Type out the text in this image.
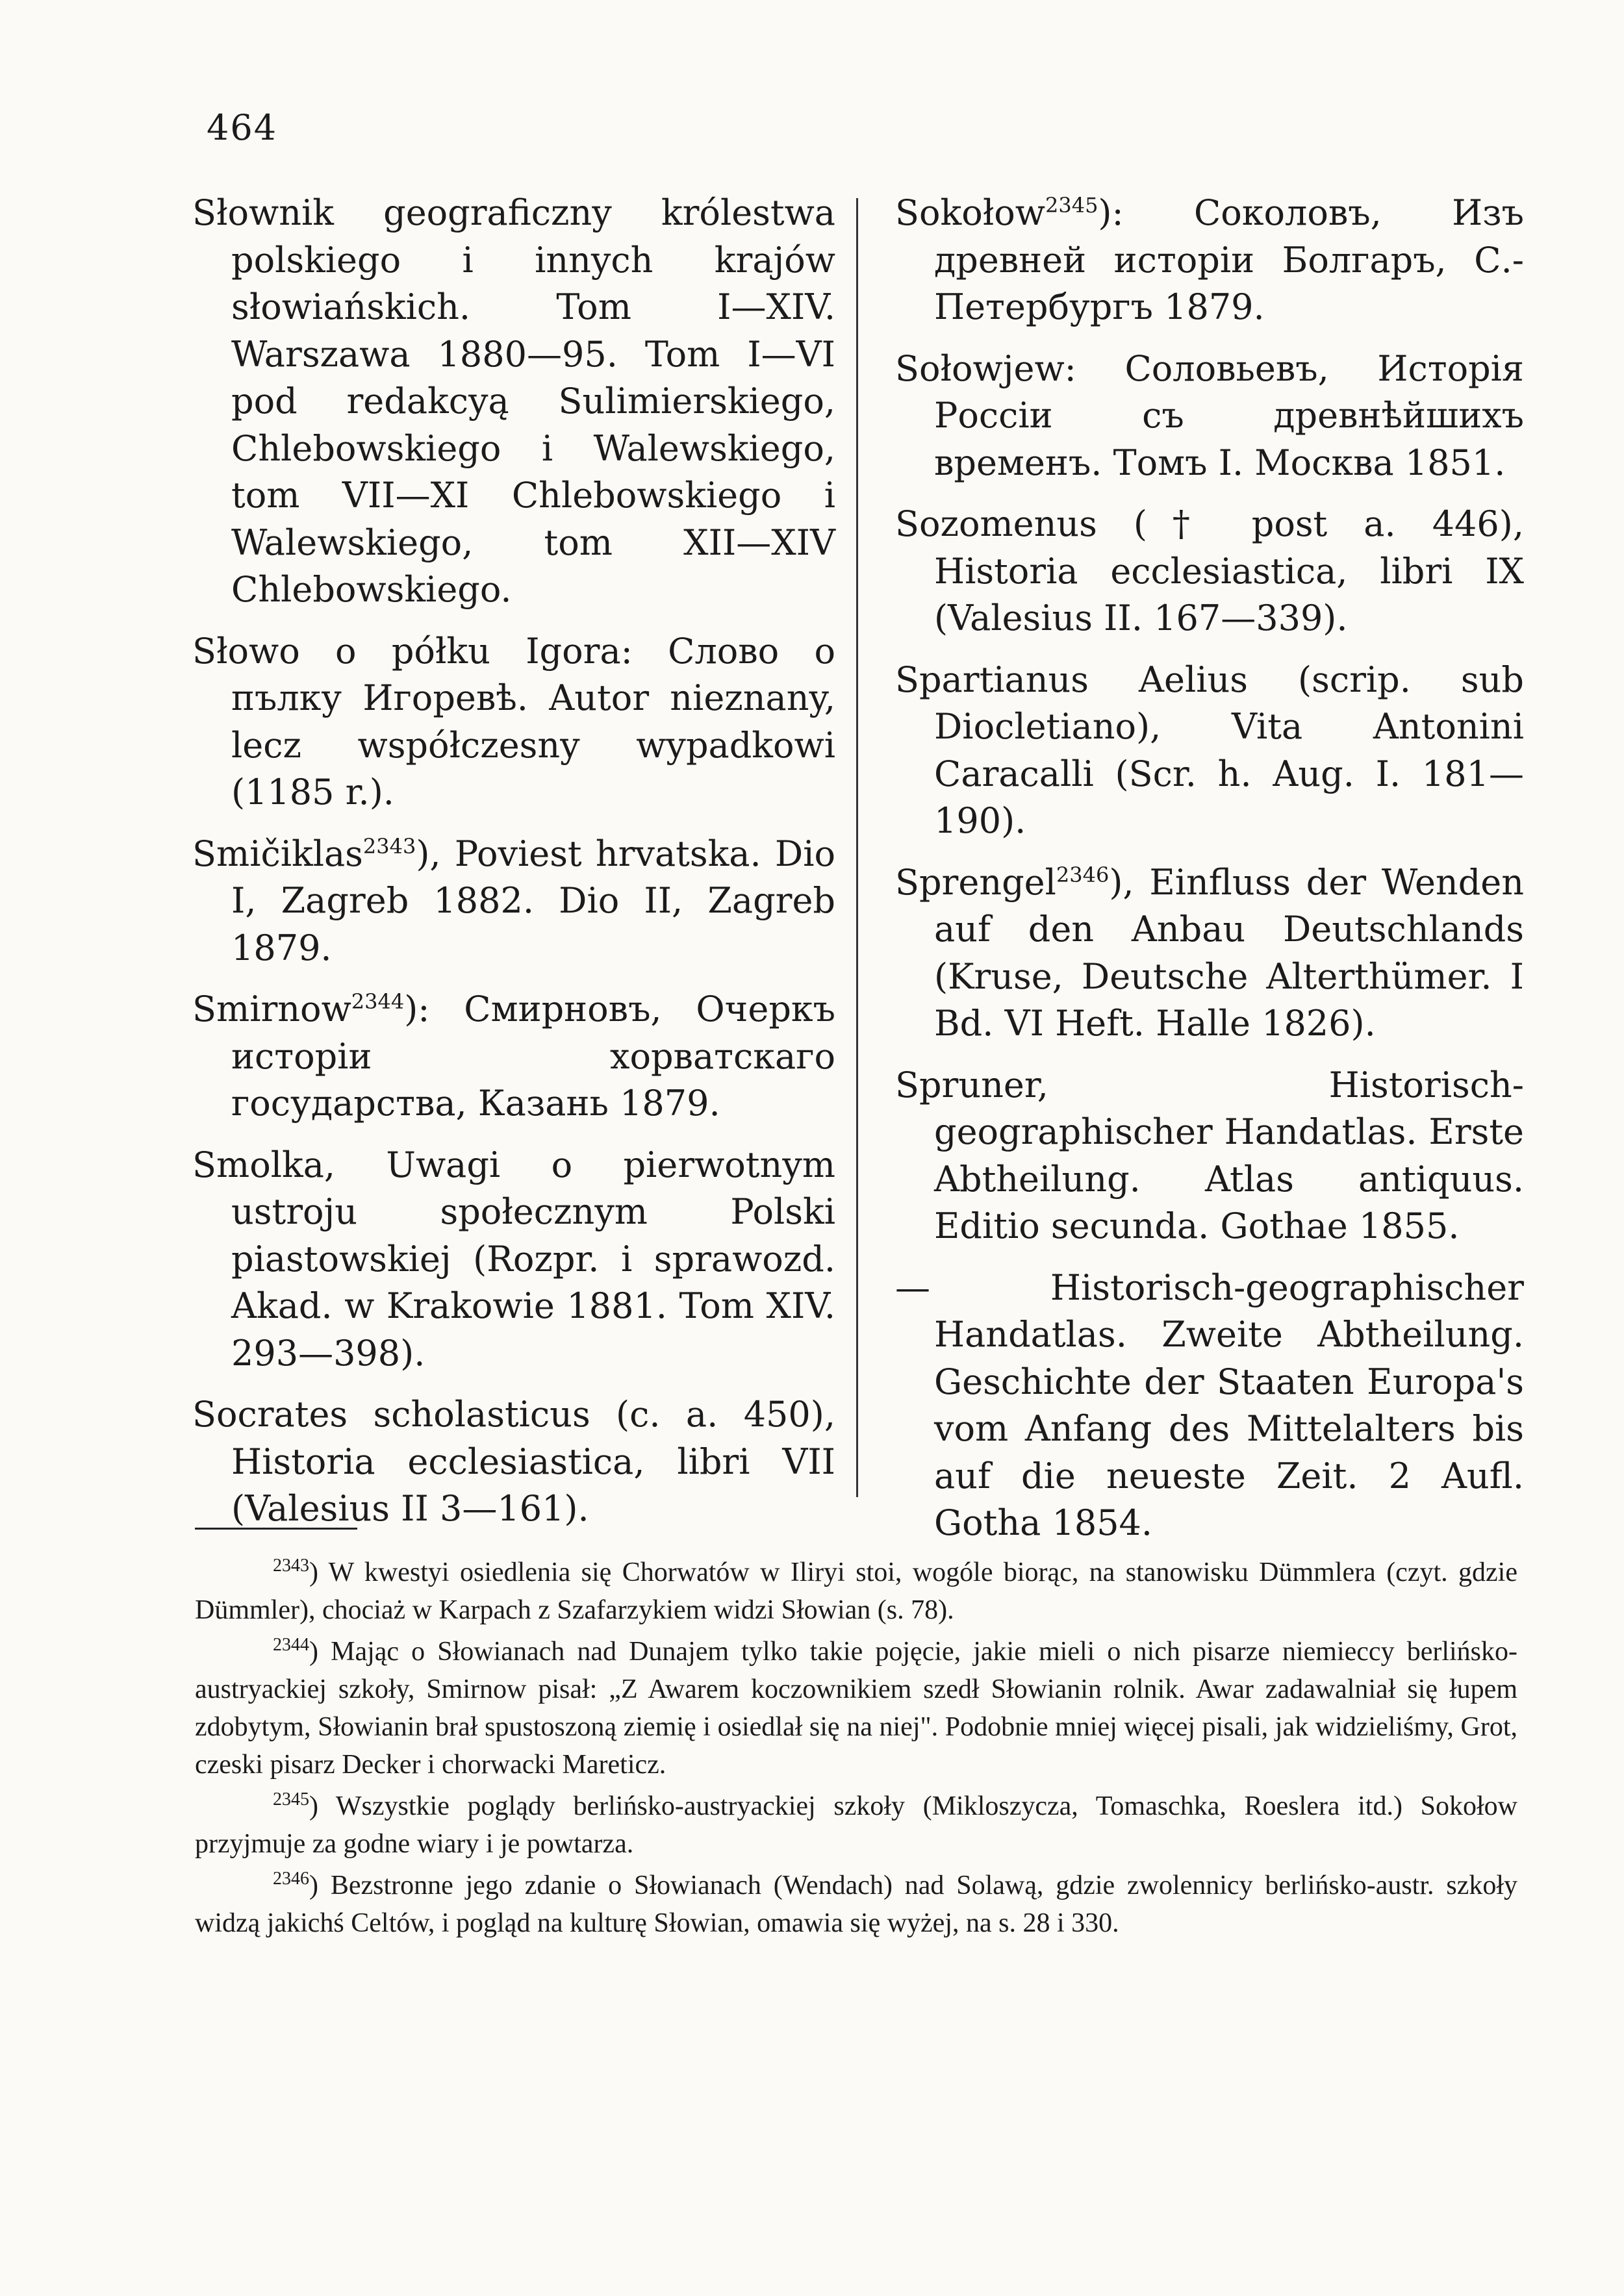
464

Słownik geograficzny królestwa polskiego i innych krajów słowiańskich. Tom I—XIV. Warszawa 1880—95. Tom I—VI pod redakcyą Sulimierskiego, Chlebowskiego i Walewskiego, tom VII—XI Chlebowskiego i Walewskiego, tom XII—XIV Chlebowskiego.

Słowo o półku Igora: Слово о пълку Игоревѣ. Autor nieznany, lecz współczesny wypadkowi (1185 r.).

Smičiklas$^{2343}$), Poviest hrvatska. Dio I, Zagreb 1882. Dio II, Zagreb 1879.

Smirnow$^{2344}$): Смирновъ, Очеркъ исторіи хорватскаго государства, Казань 1879.

Smolka, Uwagi o pierwotnym ustroju społecznym Polski piastowskiej (Rozpr. i sprawozd. Akad. w Krakowie 1881. Tom XIV. 293—398).

Socrates scholasticus (c. a. 450), Historia ecclesiastica, libri VII (Valesius II 3—161).

Sokołow$^{2345}$): Соколовъ, Изъ древней исторіи Болгаръ, С.-Петербургъ 1879.

Sołowjew: Соловьевъ, Исторія Россіи съ древнѣйшихъ временъ. Томъ I. Москва 1851.

Sozomenus († post a. 446), Historia ecclesiastica, libri IX (Valesius II. 167—339).

Spartianus Aelius (scrip. sub Diocletiano), Vita Antonini Caracalli (Scr. h. Aug. I. 181—190).

Sprengel$^{2346}$), Einfluss der Wenden auf den Anbau Deutschlands (Kruse, Deutsche Alterthümer. I Bd. VI Heft. Halle 1826).

Spruner, Historisch-geographischer Handatlas. Erste Abtheilung. Atlas antiquus. Editio secunda. Gothae 1855.

— Historisch-geographischer Handatlas. Zweite Abtheilung. Geschichte der Staaten Europa's vom Anfang des Mittelalters bis auf die neueste Zeit. 2 Aufl. Gotha 1854.

$^{2343}$) W kwestyi osiedlenia się Chorwatów w Iliryi stoi, wogóle biorąc, na stanowisku Dümmlera (czyt. gdzie Dümmler), chociaż w Karpach z Szafarzykiem widzi Słowian (s. 78).

$^{2344}$) Mając o Słowianach nad Dunajem tylko takie pojęcie, jakie mieli o nich pisarze niemieccy berlińsko-austryackiej szkoły, Smirnow pisał: „Z Awarem koczownikiem szedł Słowianin rolnik. Awar zadawalniał się łupem zdobytym, Słowianin brał spustoszoną ziemię i osiedlał się na niej". Podobnie mniej więcej pisali, jak widzieliśmy, Grot, czeski pisarz Decker i chorwacki Mareticz.

$^{2345}$) Wszystkie poglądy berlińsko-austryackiej szkoły (Mikloszycza, Tomaschka, Roeslera itd.) Sokołow przyjmuje za godne wiary i je powtarza.

$^{2346}$) Bezstronne jego zdanie o Słowianach (Wendach) nad Solawą, gdzie zwolennicy berlińsko-austr. szkoły widzą jakichś Celtów, i pogląd na kulturę Słowian, omawia się wyżej, na s. 28 i 330.
